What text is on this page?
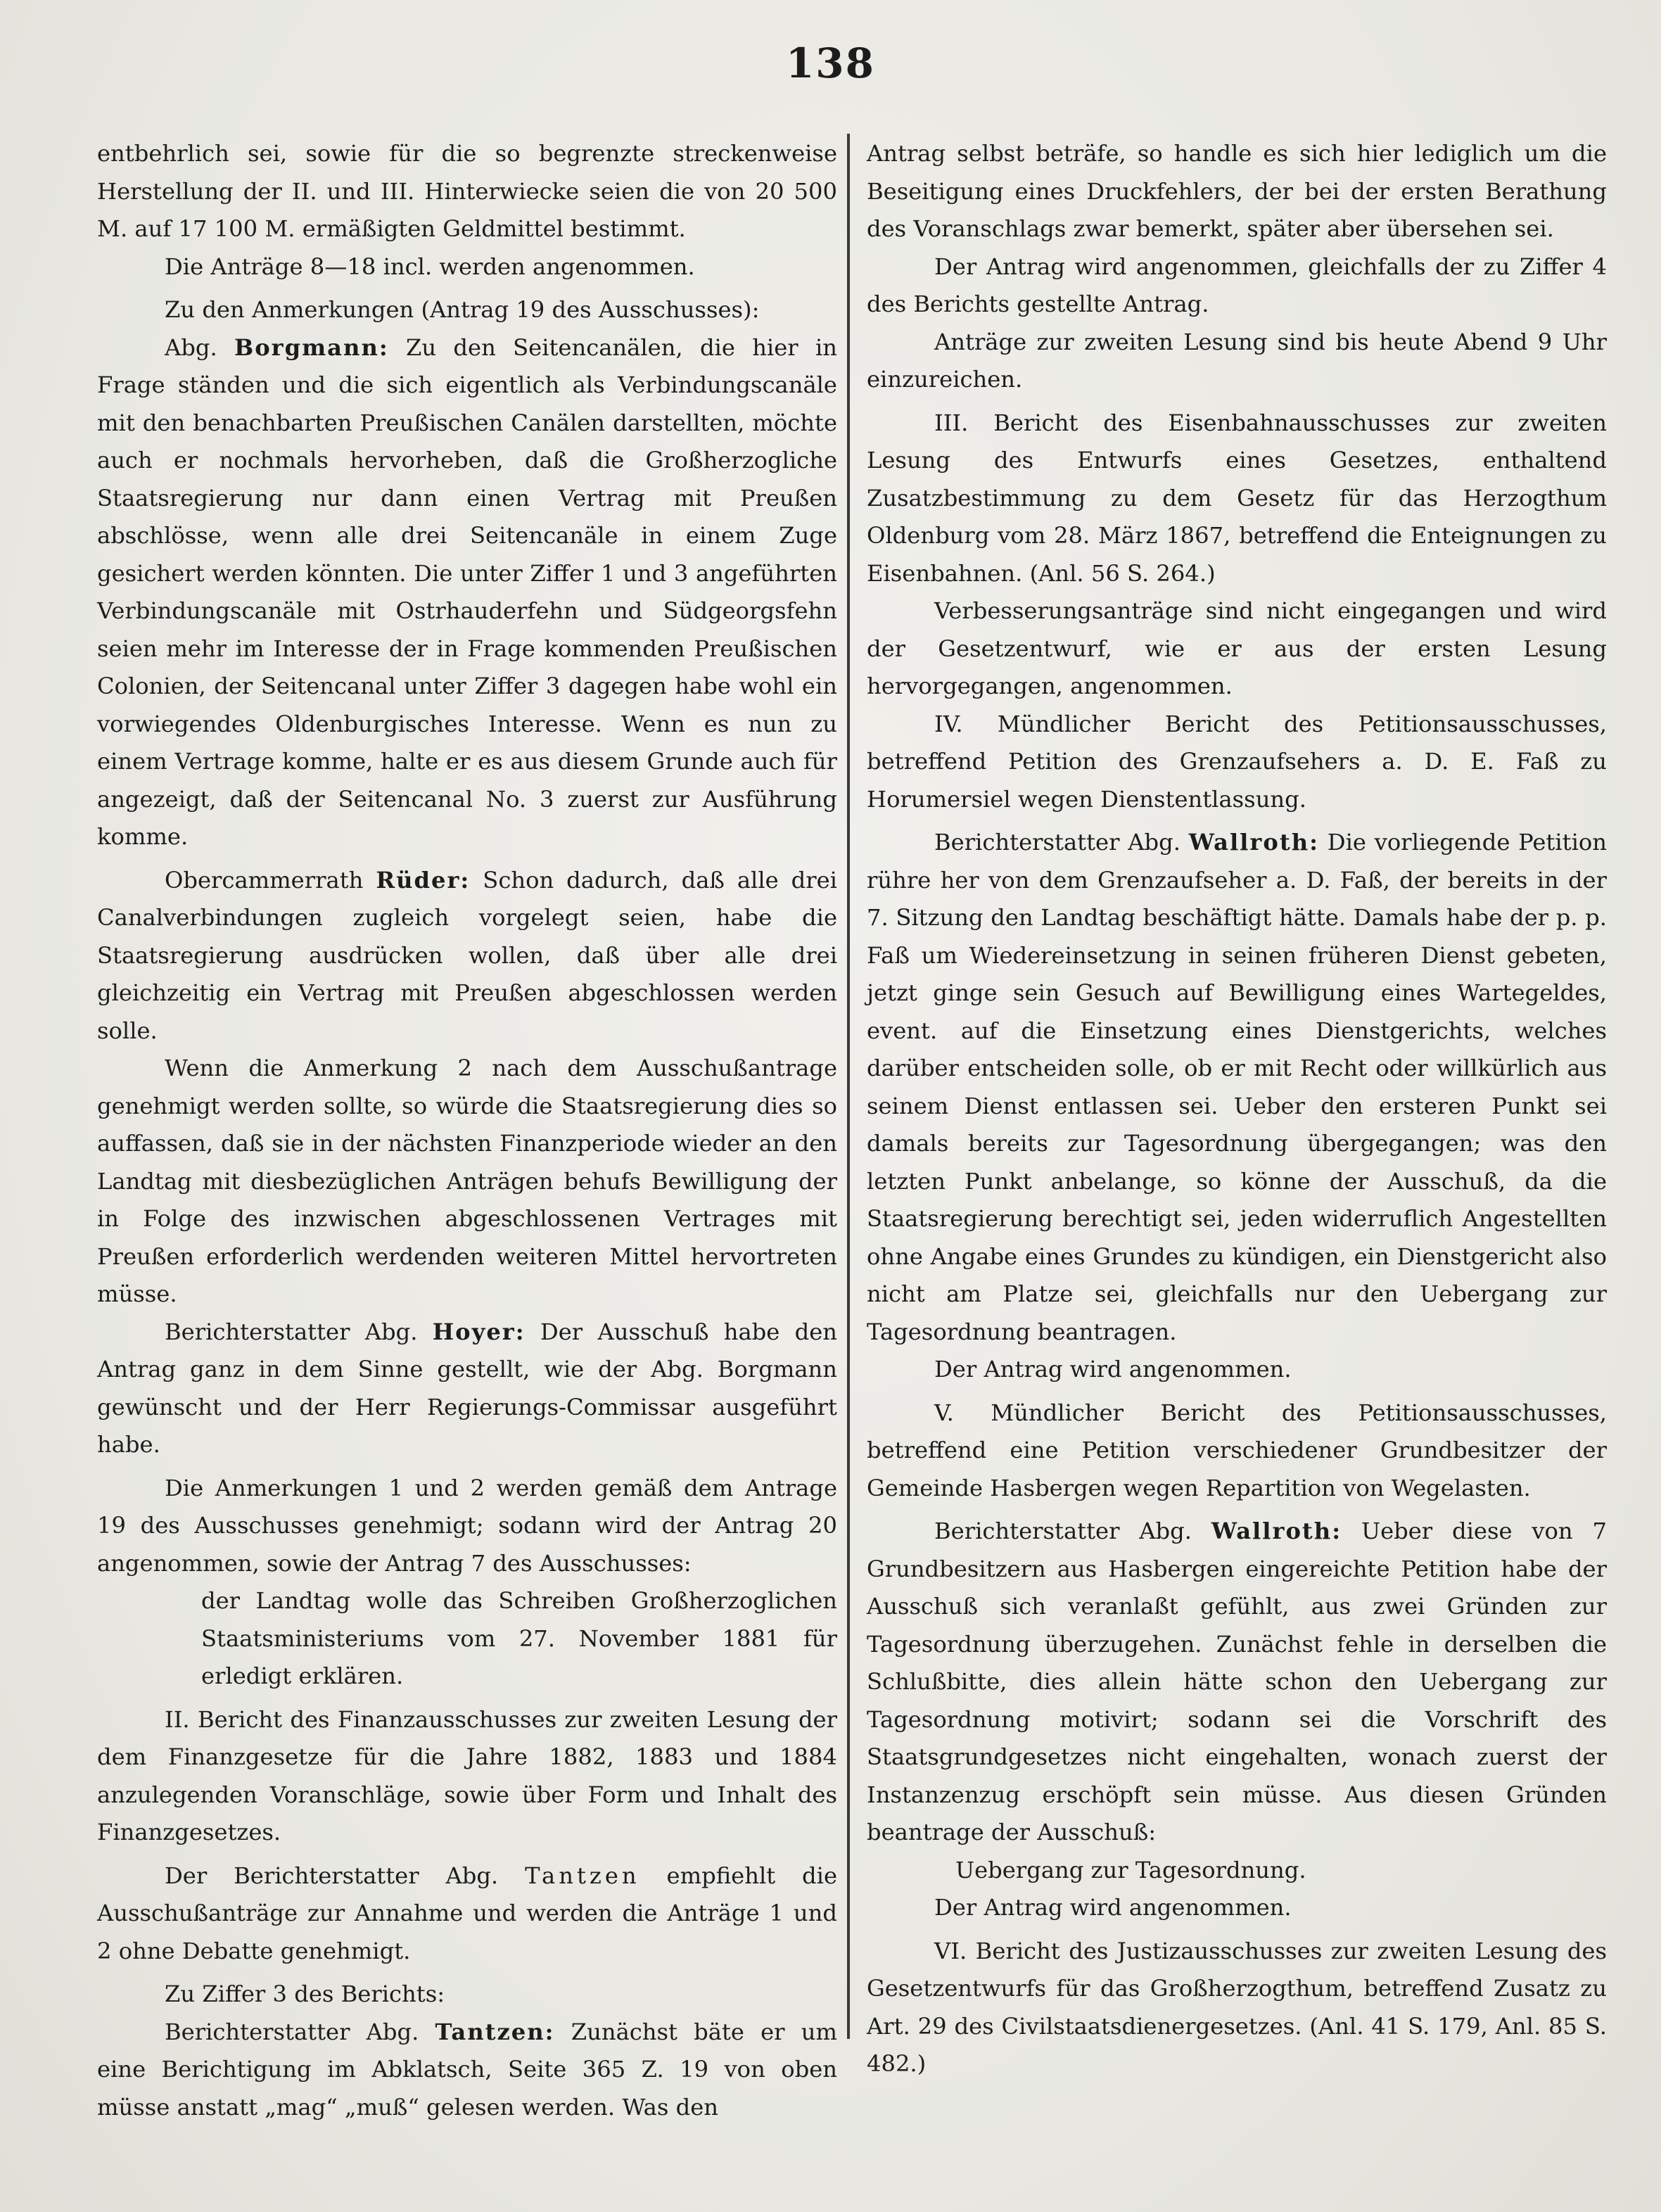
138

entbehrlich sei, sowie für die so begrenzte streckenweise Herstellung der II. und III. Hinterwiecke seien die von 20 500 M. auf 17 100 M. ermäßigten Geldmittel bestimmt.

Die Anträge 8—18 incl. werden angenommen.

Zu den Anmerkungen (Antrag 19 des Ausschusses):

Abg. Borgmann: Zu den Seitencanälen, die hier in Frage ständen und die sich eigentlich als Verbindungscanäle mit den benachbarten Preußischen Canälen darstellten, möchte auch er nochmals hervorheben, daß die Großherzogliche Staatsregierung nur dann einen Vertrag mit Preußen abschlösse, wenn alle drei Seitencanäle in einem Zuge gesichert werden könnten. Die unter Ziffer 1 und 3 angeführten Verbindungscanäle mit Ostrhauderfehn und Südgeorgsfehn seien mehr im Interesse der in Frage kommenden Preußischen Colonien, der Seitencanal unter Ziffer 3 dagegen habe wohl ein vorwiegendes Oldenburgisches Interesse. Wenn es nun zu einem Vertrage komme, halte er es aus diesem Grunde auch für angezeigt, daß der Seitencanal No. 3 zuerst zur Ausführung komme.

Obercammerrath Rüder: Schon dadurch, daß alle drei Canalverbindungen zugleich vorgelegt seien, habe die Staatsregierung ausdrücken wollen, daß über alle drei gleichzeitig ein Vertrag mit Preußen abgeschlossen werden solle.

Wenn die Anmerkung 2 nach dem Ausschußantrage genehmigt werden sollte, so würde die Staatsregierung dies so auffassen, daß sie in der nächsten Finanzperiode wieder an den Landtag mit diesbezüglichen Anträgen behufs Bewilligung der in Folge des inzwischen abgeschlossenen Vertrages mit Preußen erforderlich werdenden weiteren Mittel hervortreten müsse.

Berichterstatter Abg. Hoyer: Der Ausschuß habe den Antrag ganz in dem Sinne gestellt, wie der Abg. Borgmann gewünscht und der Herr Regierungs-Commissar ausgeführt habe.

Die Anmerkungen 1 und 2 werden gemäß dem Antrage 19 des Ausschusses genehmigt; sodann wird der Antrag 20 angenommen, sowie der Antrag 7 des Ausschusses:

der Landtag wolle das Schreiben Großherzoglichen Staatsministeriums vom 27. November 1881 für erledigt erklären.

II. Bericht des Finanzausschusses zur zweiten Lesung der dem Finanzgesetze für die Jahre 1882, 1883 und 1884 anzulegenden Voranschläge, sowie über Form und Inhalt des Finanzgesetzes.

Der Berichterstatter Abg. Tantzen empfiehlt die Ausschußanträge zur Annahme und werden die Anträge 1 und 2 ohne Debatte genehmigt.

Zu Ziffer 3 des Berichts:

Berichterstatter Abg. Tantzen: Zunächst bäte er um eine Berichtigung im Abklatsch, Seite 365 Z. 19 von oben müsse anstatt „mag“ „muß“ gelesen werden. Was den

Antrag selbst beträfe, so handle es sich hier lediglich um die Beseitigung eines Druckfehlers, der bei der ersten Berathung des Voranschlags zwar bemerkt, später aber übersehen sei.

Der Antrag wird angenommen, gleichfalls der zu Ziffer 4 des Berichts gestellte Antrag.

Anträge zur zweiten Lesung sind bis heute Abend 9 Uhr einzureichen.

III. Bericht des Eisenbahnausschusses zur zweiten Lesung des Entwurfs eines Gesetzes, enthaltend Zusatzbestimmung zu dem Gesetz für das Herzogthum Oldenburg vom 28. März 1867, betreffend die Enteignungen zu Eisenbahnen. (Anl. 56 S. 264.)

Verbesserungsanträge sind nicht eingegangen und wird der Gesetzentwurf, wie er aus der ersten Lesung hervorgegangen, angenommen.

IV. Mündlicher Bericht des Petitionsausschusses, betreffend Petition des Grenzaufsehers a. D. E. Faß zu Horumersiel wegen Dienstentlassung.

Berichterstatter Abg. Wallroth: Die vorliegende Petition rühre her von dem Grenzaufseher a. D. Faß, der bereits in der 7. Sitzung den Landtag beschäftigt hätte. Damals habe der p. p. Faß um Wiedereinsetzung in seinen früheren Dienst gebeten, jetzt ginge sein Gesuch auf Bewilligung eines Wartegeldes, event. auf die Einsetzung eines Dienstgerichts, welches darüber entscheiden solle, ob er mit Recht oder willkürlich aus seinem Dienst entlassen sei. Ueber den ersteren Punkt sei damals bereits zur Tagesordnung übergegangen; was den letzten Punkt anbelange, so könne der Ausschuß, da die Staatsregierung berechtigt sei, jeden widerruflich Angestellten ohne Angabe eines Grundes zu kündigen, ein Dienstgericht also nicht am Platze sei, gleichfalls nur den Uebergang zur Tagesordnung beantragen.

Der Antrag wird angenommen.

V. Mündlicher Bericht des Petitionsausschusses, betreffend eine Petition verschiedener Grundbesitzer der Gemeinde Hasbergen wegen Repartition von Wegelasten.

Berichterstatter Abg. Wallroth: Ueber diese von 7 Grundbesitzern aus Hasbergen eingereichte Petition habe der Ausschuß sich veranlaßt gefühlt, aus zwei Gründen zur Tagesordnung überzugehen. Zunächst fehle in derselben die Schlußbitte, dies allein hätte schon den Uebergang zur Tagesordnung motivirt; sodann sei die Vorschrift des Staatsgrundgesetzes nicht eingehalten, wonach zuerst der Instanzenzug erschöpft sein müsse. Aus diesen Gründen beantrage der Ausschuß:

Uebergang zur Tagesordnung.

Der Antrag wird angenommen.

VI. Bericht des Justizausschusses zur zweiten Lesung des Gesetzentwurfs für das Großherzogthum, betreffend Zusatz zu Art. 29 des Civilstaatsdienergesetzes. (Anl. 41 S. 179, Anl. 85 S. 482.)
